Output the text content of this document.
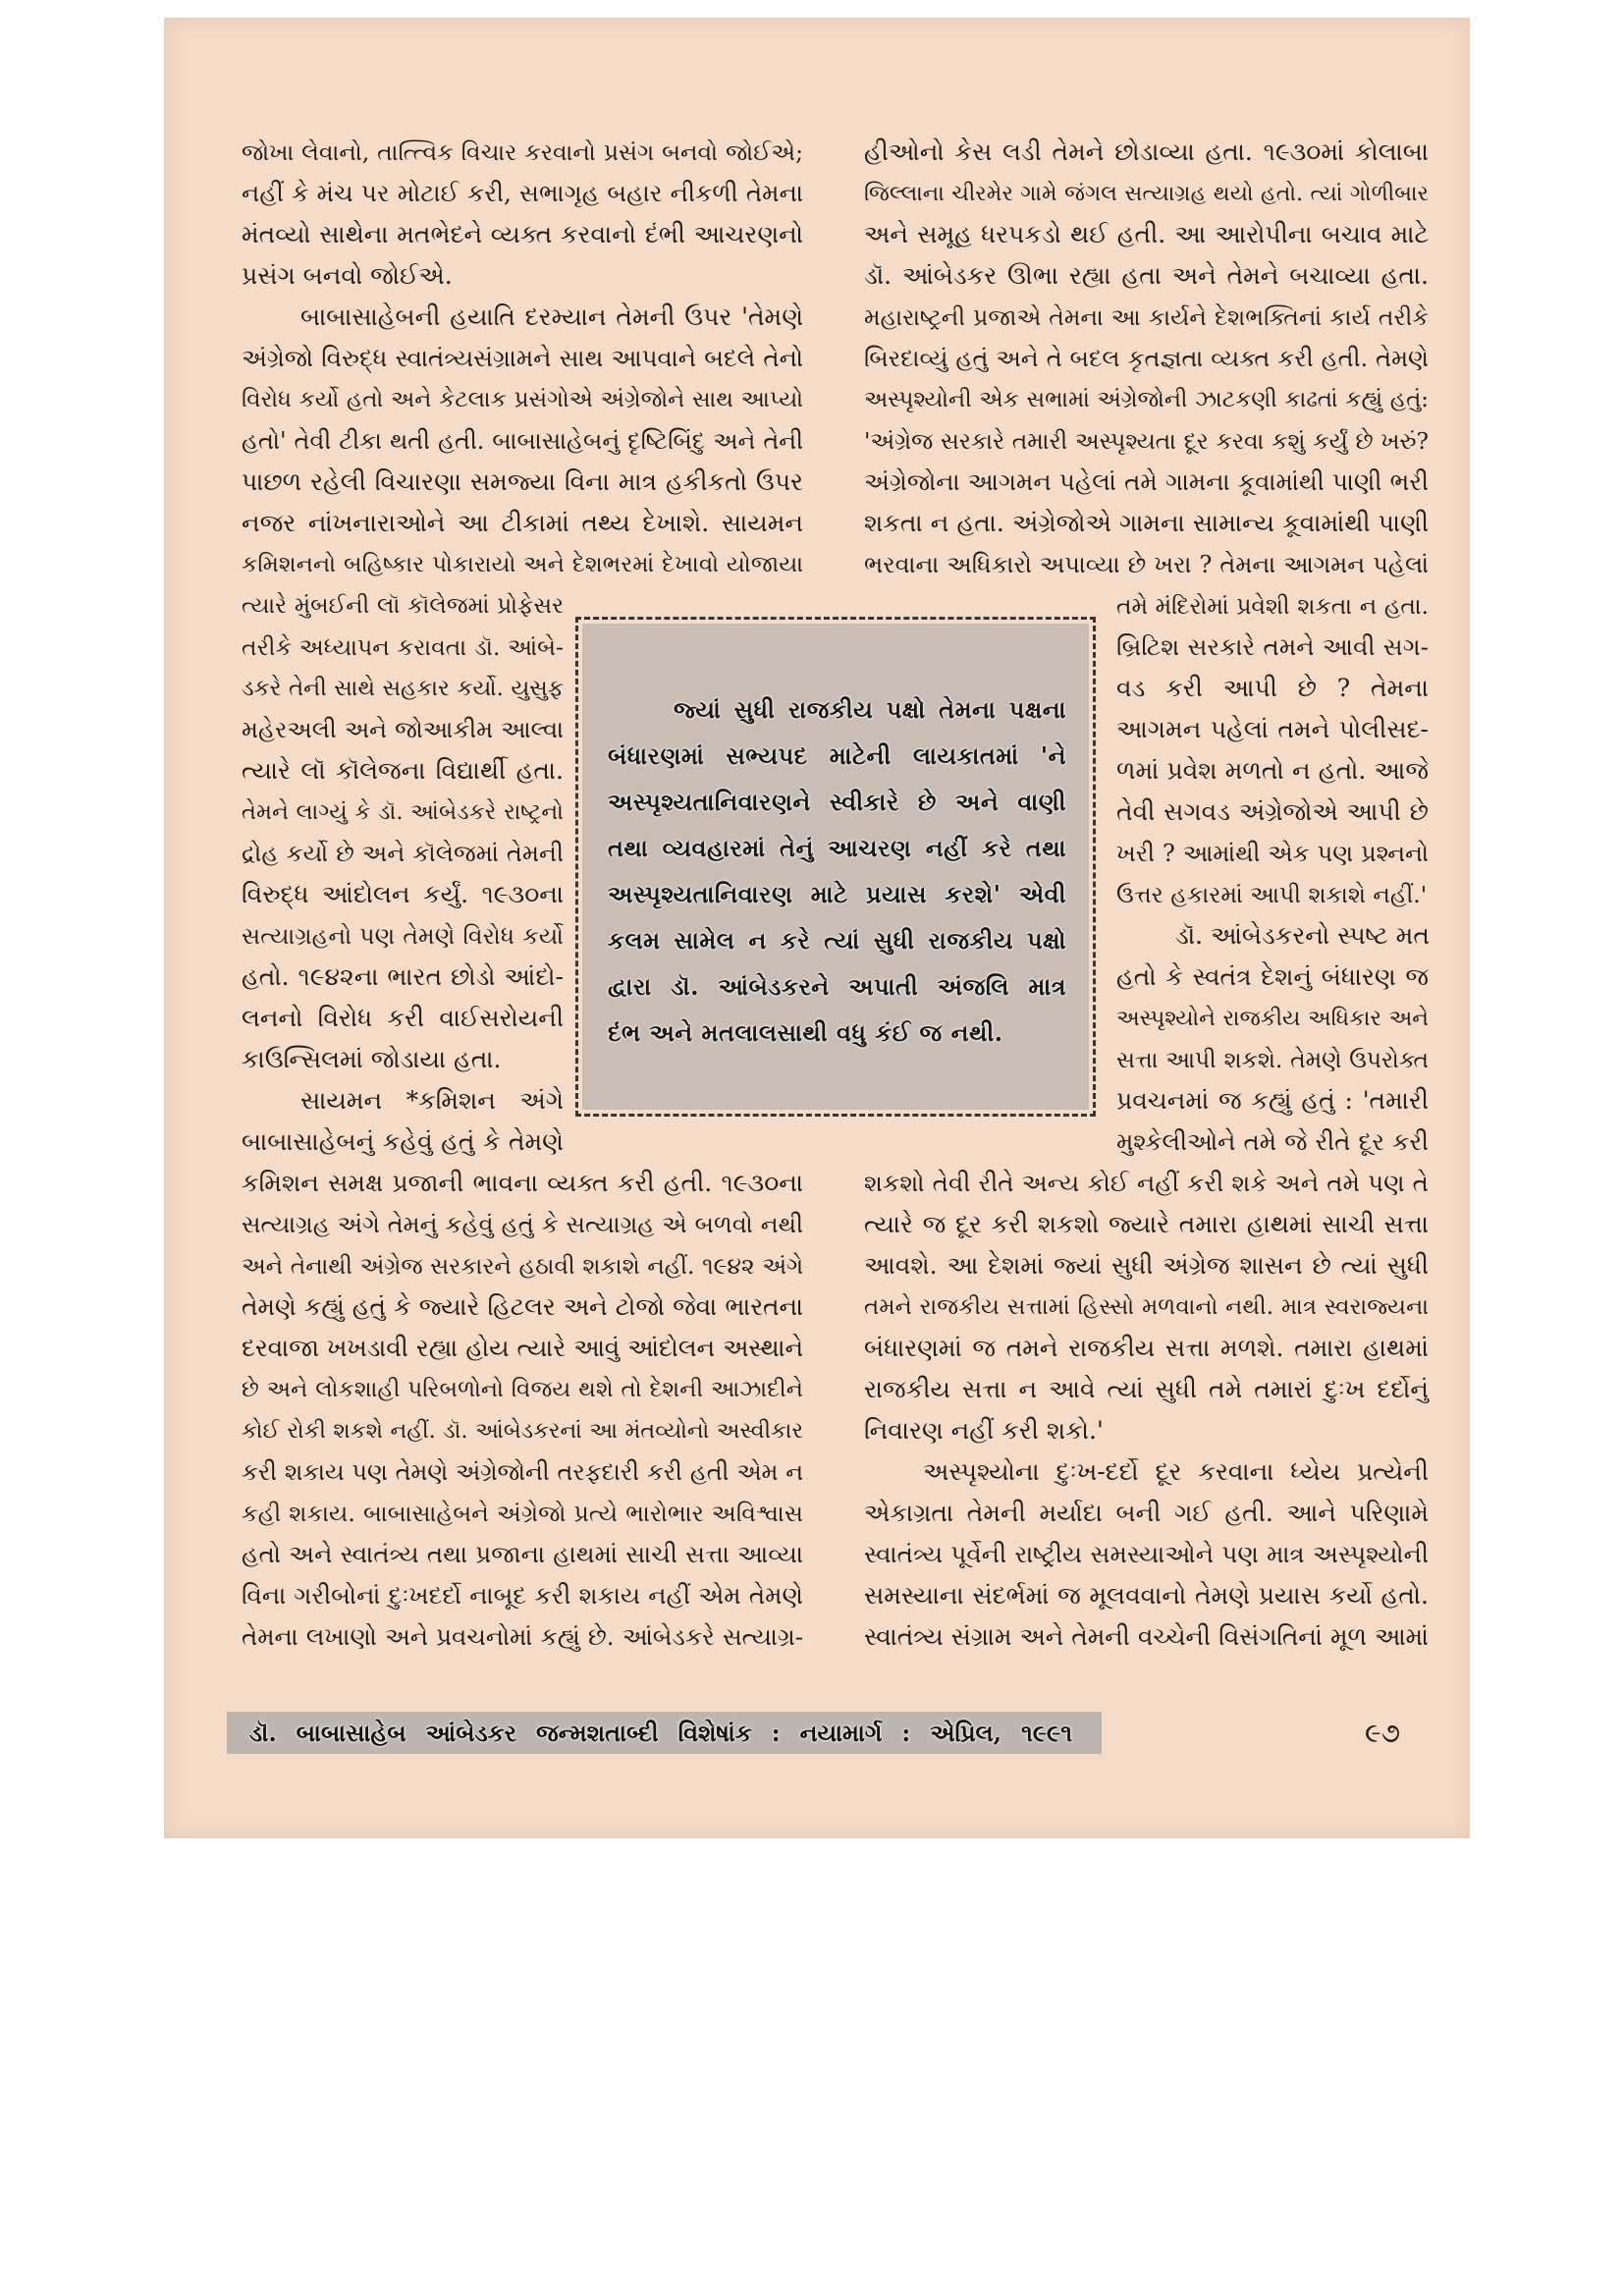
જોખા લેવાનો, તાત્ત્વિક વિચાર કરવાનો પ્રસંગ બનવો જોઈએ;
નહીં કે મંચ પર મોટાઈ કરી, સભાગૃહ બહાર નીકળી તેમના
મંતવ્યો સાથેના મતભેદને વ્યક્ત કરવાનો દંભી આચરણનો
પ્રસંગ બનવો જોઈએ.
બાબાસાહેબની હયાતિ દરમ્યાન તેમની ઉપર 'તેમણે
અંગ્રેજો વિરુદ્ધ સ્વાતંત્ર્યસંગ્રામને સાથ આપવાને બદલે તેનો
વિરોધ કર્યો હતો અને કેટલાક પ્રસંગોએ અંગ્રેજોને સાથ આપ્યો
હતો' તેવી ટીકા થતી હતી. બાબાસાહેબનું દૃષ્ટિબિંદુ અને તેની
પાછળ રહેલી વિચારણા સમજ્યા વિના માત્ર હકીકતો ઉપર
નજર નાંખનારાઓને આ ટીકામાં તથ્ય દેખાશે. સાયમન
કમિશનનો બહિષ્કાર પોકારાયો અને દેશભરમાં દેખાવો યોજાયા
ત્યારે મુંબઈની લૉ કૉલેજમાં પ્રોફેસર
તરીકે અધ્યાપન કરાવતા ડૉ. આંબે-
ડકરે તેની સાથે સહકાર કર્યો. યુસુફ
મહેરઅલી અને જોઆકીમ આલ્વા
ત્યારે લૉ કૉલેજના વિદ્યાર્થી હતા.
તેમને લાગ્યું કે ડૉ. આંબેડકરે રાષ્ટ્રનો
દ્રોહ કર્યો છે અને કૉલેજમાં તેમની
વિરુદ્ધ આંદોલન કર્યું. ૧૯૩૦ના
સત્યાગ્રહનો પણ તેમણે વિરોધ કર્યો
હતો. ૧૯૪૨ના ભારત છોડો આંદો-
લનનો વિરોધ કરી વાઈસરોયની
કાઉન્સિલમાં જોડાયા હતા.
સાયમન *કમિશન અંગે
બાબાસાહેબનું કહેવું હતું કે તેમણે
કમિશન સમક્ષ પ્રજાની ભાવના વ્યક્ત કરી હતી. ૧૯૩૦ના
સત્યાગ્રહ અંગે તેમનું કહેવું હતું કે સત્યાગ્રહ એ બળવો નથી
અને તેનાથી અંગ્રેજ સરકારને હઠાવી શકાશે નહીં. ૧૯૪૨ અંગે
તેમણે કહ્યું હતું કે જ્યારે હિટલર અને ટોજો જેવા ભારતના
દરવાજા ખખડાવી રહ્યા હોય ત્યારે આવું આંદોલન અસ્થાને
છે અને લોકશાહી પરિબળોનો વિજય થશે તો દેશની આઝાદીને
કોઈ રોકી શકશે નહીં. ડૉ. આંબેડકરનાં આ મંતવ્યોનો અસ્વીકાર
કરી શકાય પણ તેમણે અંગ્રેજોની તરફદારી કરી હતી એમ ન
કહી શકાય. બાબાસાહેબને અંગ્રેજો પ્રત્યે ભારોભાર અવિશ્વાસ
હતો અને સ્વાતંત્ર્ય તથા પ્રજાના હાથમાં સાચી સત્તા આવ્યા
વિના ગરીબોનાં દુઃખદર્દો નાબૂદ કરી શકાય નહીં એમ તેમણે
તેમના લખાણો અને પ્રવચનોમાં કહ્યું છે. આંબેડકરે સત્યાગ્ર-
હીઓનો કેસ લડી તેમને છોડાવ્યા હતા. ૧૯૩૦માં કોલાબા
જિલ્લાના ચીરમેર ગામે જંગલ સત્યાગ્રહ થયો હતો. ત્યાં ગોળીબાર
અને સમૂહ ધરપકડો થઈ હતી. આ આરોપીના બચાવ માટે
ડૉ. આંબેડકર ઊભા રહ્યા હતા અને તેમને બચાવ્યા હતા.
મહારાષ્ટ્રની પ્રજાએ તેમના આ કાર્યને દેશભક્તિનાં કાર્ય તરીકે
બિરદાવ્યું હતું અને તે બદલ કૃતજ્ઞતા વ્યક્ત કરી હતી. તેમણે
અસ્પૃશ્યોની એક સભામાં અંગ્રેજોની ઝાટકણી કાઢતાં કહ્યું હતું:
'અંગ્રેજ સરકારે તમારી અસ્પૃશ્યતા દૂર કરવા કશું કર્યું છે ખરું?
અંગ્રેજોના આગમન પહેલાં તમે ગામના કૂવામાંથી પાણી ભરી
શકતા ન હતા. અંગ્રેજોએ ગામના સામાન્ય કૂવામાંથી પાણી
ભરવાના અધિકારો અપાવ્યા છે ખરા ? તેમના આગમન પહેલાં
તમે મંદિરોમાં પ્રવેશી શકતા ન હતા.
બ્રિટિશ સરકારે તમને આવી સગ-
વડ કરી આપી છે ? તેમના
આગમન પહેલાં તમને પોલીસદ-
ળમાં પ્રવેશ મળતો ન હતો. આજે
તેવી સગવડ અંગ્રેજોએ આપી છે
ખરી ? આમાંથી એક પણ પ્રશ્નનો
ઉત્તર હકારમાં આપી શકાશે નહીં.'
ડૉ. આંબેડકરનો સ્પષ્ટ મત
હતો કે સ્વતંત્ર દેશનું બંધારણ જ
અસ્પૃશ્યોને રાજકીય અધિકાર અને
સત્તા આપી શકશે. તેમણે ઉપરોક્ત
પ્રવચનમાં જ કહ્યું હતું : 'તમારી
મુશ્કેલીઓને તમે જે રીતે દૂર કરી
શકશો તેવી રીતે અન્ય કોઈ નહીં કરી શકે અને તમે પણ તે
ત્યારે જ દૂર કરી શકશો જ્યારે તમારા હાથમાં સાચી સત્તા
આવશે. આ દેશમાં જ્યાં સુધી અંગ્રેજ શાસન છે ત્યાં સુધી
તમને રાજકીય સત્તામાં હિસ્સો મળવાનો નથી. માત્ર સ્વરાજ્યના
બંધારણમાં જ તમને રાજકીય સત્તા મળશે. તમારા હાથમાં
રાજકીય સત્તા ન આવે ત્યાં સુધી તમે તમારાં દુઃખ દર્દોનું
નિવારણ નહીં કરી શકો.'
અસ્પૃશ્યોના દુઃખ-દર્દો દૂર કરવાના ધ્યેય પ્રત્યેની
એકાગ્રતા તેમની મર્યાદા બની ગઈ હતી. આને પરિણામે
સ્વાતંત્ર્ય પૂર્વેની રાષ્ટ્રીય સમસ્યાઓને પણ માત્ર અસ્પૃશ્યોની
સમસ્યાના સંદર્ભમાં જ મૂલવવાનો તેમણે પ્રયાસ કર્યો હતો.
સ્વાતંત્ર્ય સંગ્રામ અને તેમની વચ્ચેની વિસંગતિનાં મૂળ આમાં
જ્યાં સુધી રાજકીય પક્ષો તેમના પક્ષના
બંધારણમાં સભ્યપદ માટેની લાયકાતમાં 'ને
અસ્પૃશ્યતાનિવારણને સ્વીકારે છે અને વાણી
તથા વ્યવહારમાં તેનું આચરણ નહીં કરે તથા
અસ્પૃશ્યતાનિવારણ માટે પ્રયાસ કરશે' એવી
કલમ સામેલ ન કરે ત્યાં સુધી રાજકીય પક્ષો
દ્વારા ડૉ. આંબેડકરને અપાતી અંજલિ માત્ર
દંભ અને મતલાલસાથી વધુ કંઈ જ નથી.
ડૉ. બાબાસાહેબ આંબેડકર જન્મશતાબ્દી વિશેષાંક : નયામાર્ગ : એપ્રિલ, ૧૯૯૧	૯૭
